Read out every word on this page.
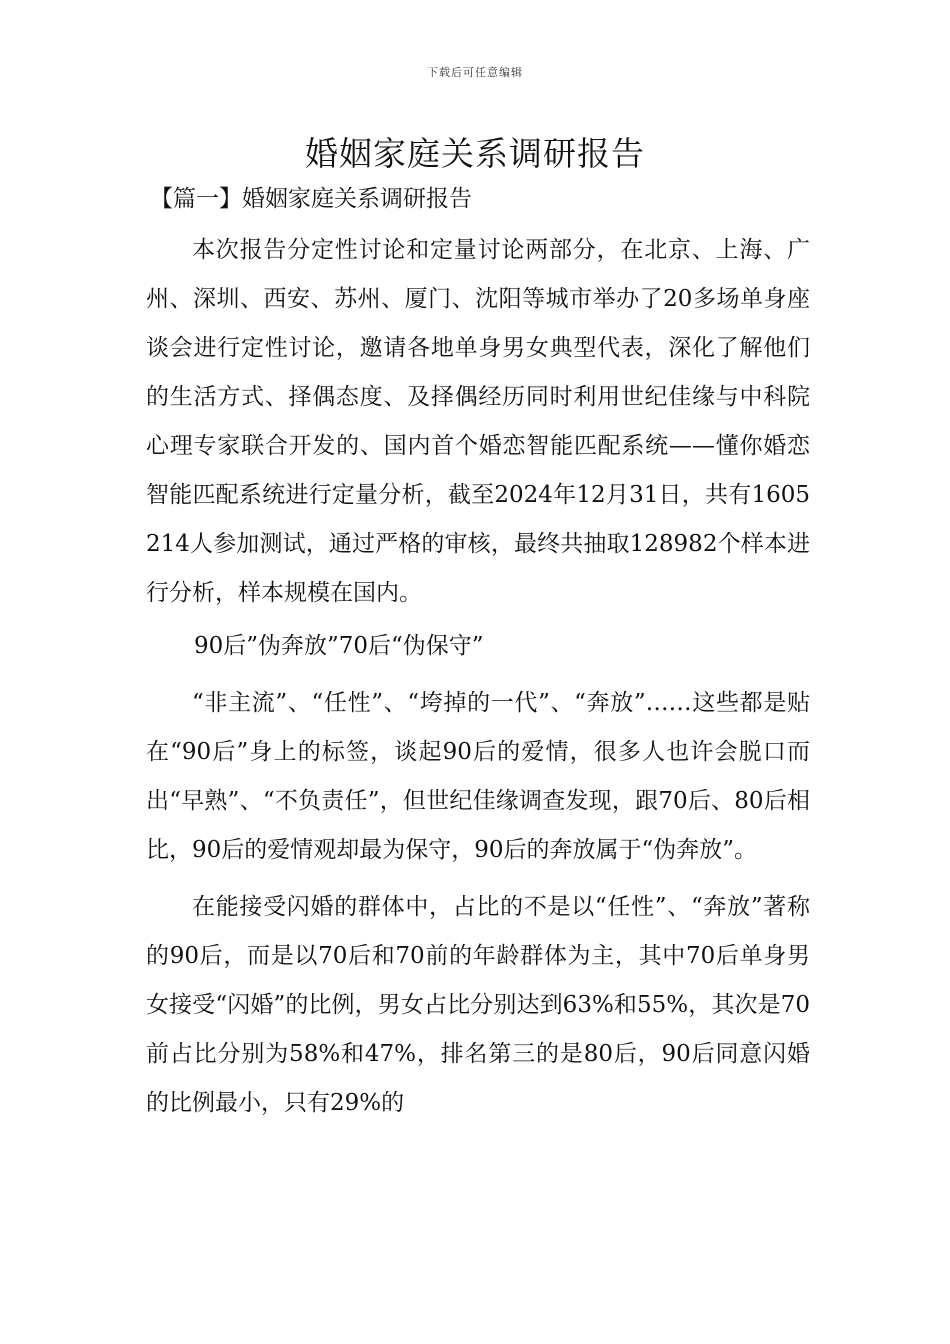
下载后可任意编辑
婚姻家庭关系调研报告
【篇一】婚姻家庭关系调研报告

本次报告分定性讨论和定量讨论两部分，在北京、上海、广州、深圳、西安、苏州、厦门、沈阳等城市举办了20多场单身座谈会进行定性讨论，邀请各地单身男女典型代表，深化了解他们的生活方式、择偶态度、及择偶经历同时利用世纪佳缘与中科院心理专家联合开发的、国内首个婚恋智能匹配系统——懂你婚恋智能匹配系统进行定量分析，截至2024年12月31日，共有1605214人参加测试，通过严格的审核，最终共抽取128982个样本进行分析，样本规模在国内。

90后”伪奔放”70后“伪保守”

“非主流”、“任性”、“垮掉的一代”、“奔放”……这些都是贴在“90后”身上的标签，谈起90后的爱情，很多人也许会脱口而出“早熟”、“不负责任”，但世纪佳缘调查发现，跟70后、80后相比，90后的爱情观却最为保守，90后的奔放属于“伪奔放”。

在能接受闪婚的群体中，占比的不是以“任性”、“奔放”著称的90后，而是以70后和70前的年龄群体为主，其中70后单身男女接受“闪婚”的比例，男女占比分别达到63%和55%，其次是70前占比分别为58%和47%，排名第三的是80后，90后同意闪婚的比例最小，只有29%的
